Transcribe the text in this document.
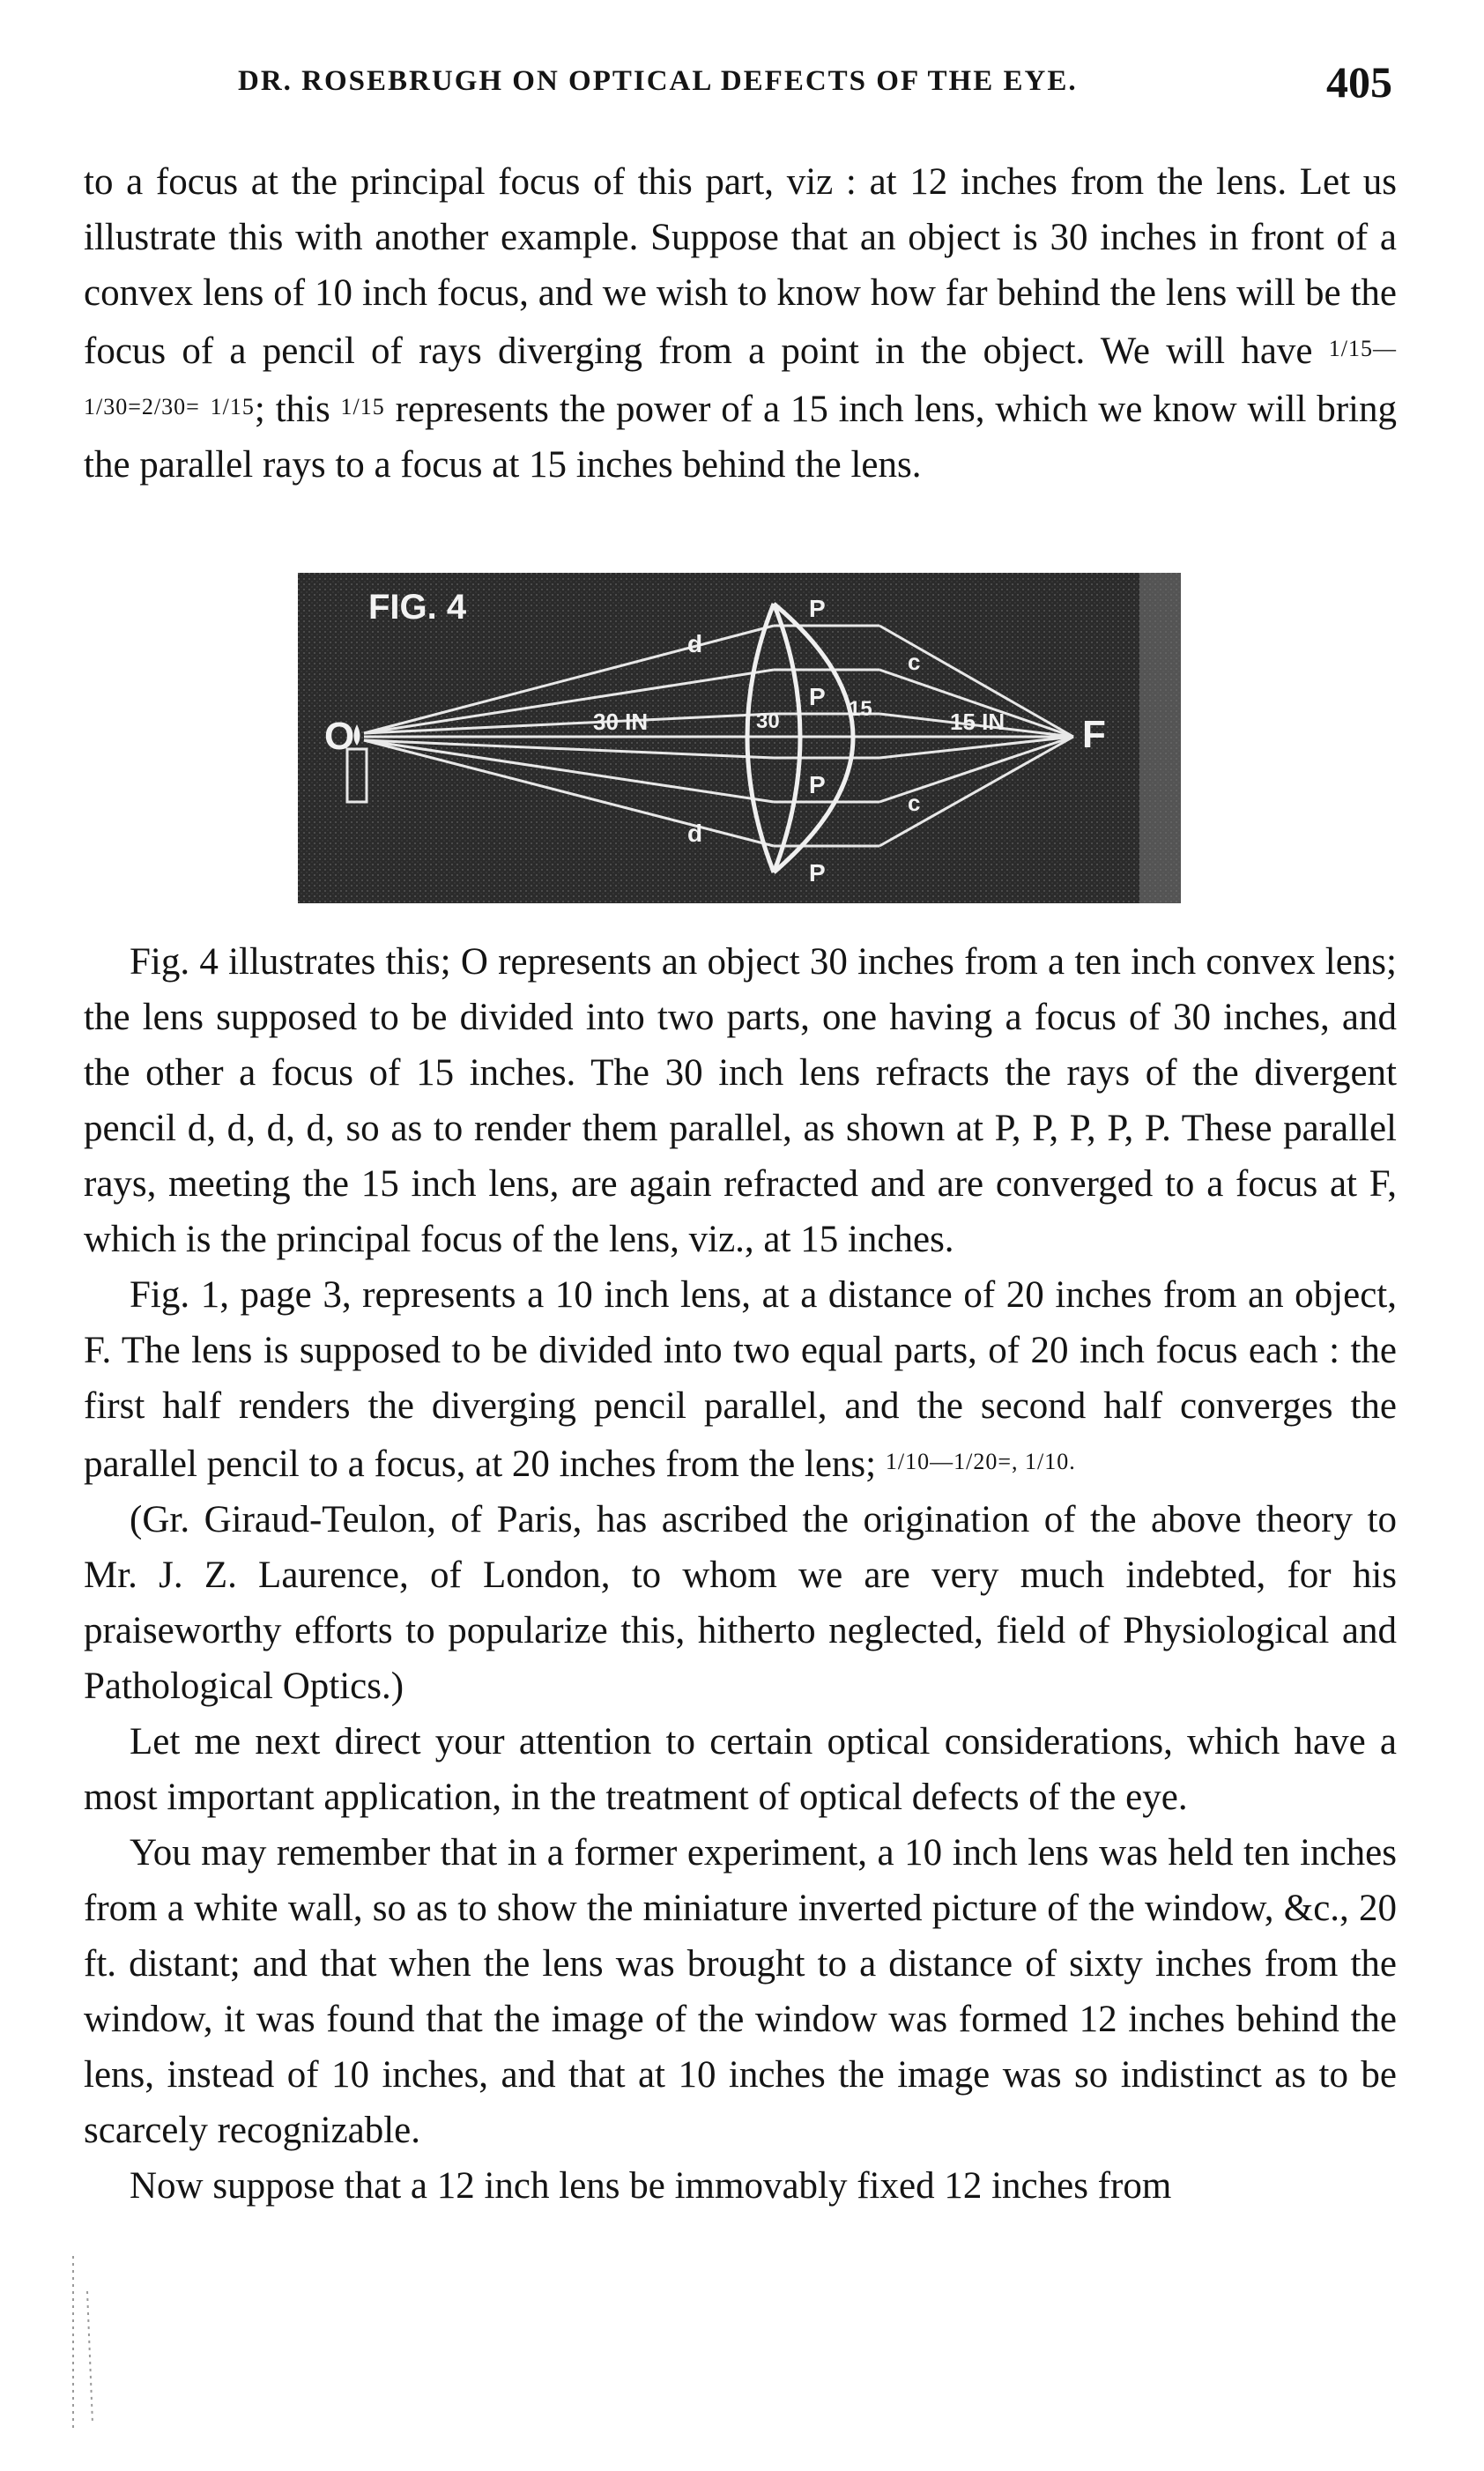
DR. ROSEBRUGH ON OPTICAL DEFECTS OF THE EYE.	405

to a focus at the principal focus of this part, viz : at 12 inches from the lens. Let us illustrate this with another example. Suppose that an object is 30 inches in front of a convex lens of 10 inch focus, and we wish to know how far behind the lens will be the focus of a pencil of rays diverging from a point in the object. We will have 1/15—1/30=2/30= 1/15; this 1/15 represents the power of a 15 inch lens, which we know will bring the parallel rays to a focus at 15 inches behind the lens.

FIG. 4
O	F
30 IN	15 IN
30
15
d
d
P
P
P
P
c
c

Fig. 4 illustrates this; O represents an object 30 inches from a ten inch convex lens; the lens supposed to be divided into two parts, one having a focus of 30 inches, and the other a focus of 15 inches. The 30 inch lens refracts the rays of the divergent pencil d, d, d, d, so as to render them parallel, as shown at P, P, P, P, P. These parallel rays, meeting the 15 inch lens, are again refracted and are converged to a focus at F, which is the principal focus of the lens, viz., at 15 inches.

Fig. 1, page 3, represents a 10 inch lens, at a distance of 20 inches from an object, F. The lens is supposed to be divided into two equal parts, of 20 inch focus each : the first half renders the diverging pencil parallel, and the second half converges the parallel pencil to a focus, at 20 inches from the lens; 1/10—1/20=, 1/10.

(Gr. Giraud-Teulon, of Paris, has ascribed the origination of the above theory to Mr. J. Z. Laurence, of London, to whom we are very much indebted, for his praiseworthy efforts to popularize this, hitherto neglected, field of Physiological and Pathological Optics.)

Let me next direct your attention to certain optical considerations, which have a most important application, in the treatment of optical defects of the eye.

You may remember that in a former experiment, a 10 inch lens was held ten inches from a white wall, so as to show the miniature inverted picture of the window, &c., 20 ft. distant; and that when the lens was brought to a distance of sixty inches from the window, it was found that the image of the window was formed 12 inches behind the lens, instead of 10 inches, and that at 10 inches the image was so indistinct as to be scarcely recognizable.

Now suppose that a 12 inch lens be immovably fixed 12 inches from
